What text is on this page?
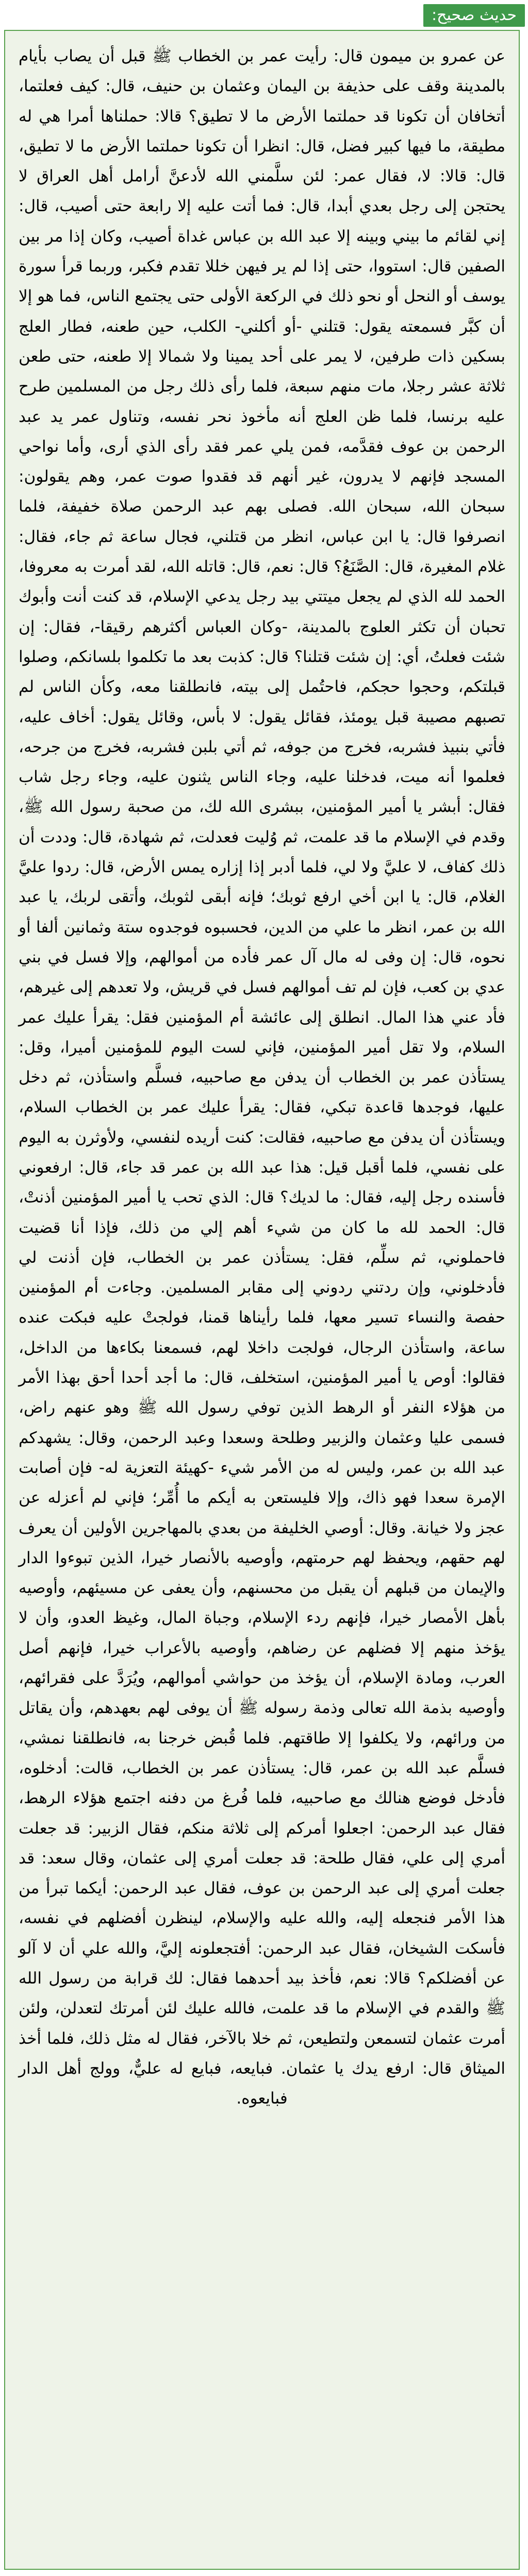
حديث صحيح:

عن عمرو بن ميمون قال: رأيت عمر بن الخطاب ﷺ قبل أن يصاب بأيام بالمدينة وقف على حذيفة بن اليمان وعثمان بن حنيف، قال: كيف فعلتما، أتخافان أن تكونا قد حملتما الأرض ما لا تطيق؟ قالا: حملناها أمرا هي له مطيقة، ما فيها كبير فضل، قال: انظرا أن تكونا حملتما الأرض ما لا تطيق، قال: قالا: لا، فقال عمر: لئن سلَّمني الله لأدعنَّ أرامل أهل العراق لا يحتجن إلى رجل بعدي أبدا، قال: فما أتت عليه إلا رابعة حتى أصيب، قال: إني لقائم ما بيني وبينه إلا عبد الله بن عباس غداة أصيب، وكان إذا مر بين الصفين قال: استووا، حتى إذا لم ير فيهن خللا تقدم فكبر، وربما قرأ سورة يوسف أو النحل أو نحو ذلك في الركعة الأولى حتى يجتمع الناس، فما هو إلا أن كبَّر فسمعته يقول: قتلني -أو أكلني- الكلب، حين طعنه، فطار العلج بسكين ذات طرفين، لا يمر على أحد يمينا ولا شمالا إلا طعنه، حتى طعن ثلاثة عشر رجلا، مات منهم سبعة، فلما رأى ذلك رجل من المسلمين طرح عليه برنسا، فلما ظن العلج أنه مأخوذ نحر نفسه، وتناول عمر يد عبد الرحمن بن عوف فقدَّمه، فمن يلي عمر فقد رأى الذي أرى، وأما نواحي المسجد فإنهم لا يدرون، غير أنهم قد فقدوا صوت عمر، وهم يقولون: سبحان الله، سبحان الله. فصلى بهم عبد الرحمن صلاة خفيفة، فلما انصرفوا قال: يا ابن عباس، انظر من قتلني، فجال ساعة ثم جاء، فقال: غلام المغيرة، قال: الصَّنَعُ؟ قال: نعم، قال: قاتله الله، لقد أمرت به معروفا، الحمد لله الذي لم يجعل ميتتي بيد رجل يدعي الإسلام، قد كنت أنت وأبوك تحبان أن تكثر العلوج بالمدينة، -وكان العباس أكثرهم رقيقا-، فقال: إن شئت فعلتُ، أي: إن شئت قتلنا؟ قال: كذبت بعد ما تكلموا بلسانكم، وصلوا قبلتكم، وحجوا حجكم، فاحتُمل إلى بيته، فانطلقنا معه، وكأن الناس لم تصبهم مصيبة قبل يومئذ، فقائل يقول: لا بأس، وقائل يقول: أخاف عليه، فأتي بنبيذ فشربه، فخرج من جوفه، ثم أتي بلبن فشربه، فخرج من جرحه، فعلموا أنه ميت، فدخلنا عليه، وجاء الناس يثنون عليه، وجاء رجل شاب فقال: أبشر يا أمير المؤمنين، ببشرى الله لك، من صحبة رسول الله ﷺ، وقدم في الإسلام ما قد علمت، ثم وُليت فعدلت، ثم شهادة، قال: وددت أن ذلك كفاف، لا عليَّ ولا لي، فلما أدبر إذا إزاره يمس الأرض، قال: ردوا عليَّ الغلام، قال: يا ابن أخي ارفع ثوبك؛ فإنه أبقى لثوبك، وأتقى لربك، يا عبد الله بن عمر، انظر ما علي من الدين، فحسبوه فوجدوه ستة وثمانين ألفا أو نحوه، قال: إن وفى له مال آل عمر فأده من أموالهم، وإلا فسل في بني عدي بن كعب، فإن لم تف أموالهم فسل في قريش، ولا تعدهم إلى غيرهم، فأد عني هذا المال. انطلق إلى عائشة أم المؤمنين فقل: يقرأ عليك عمر السلام، ولا تقل أمير المؤمنين، فإني لست اليوم للمؤمنين أميرا، وقل: يستأذن عمر بن الخطاب أن يدفن مع صاحبيه، فسلَّم واستأذن، ثم دخل عليها، فوجدها قاعدة تبكي، فقال: يقرأ عليك عمر بن الخطاب السلام، ويستأذن أن يدفن مع صاحبيه، فقالت: كنت أريده لنفسي، ولأوثرن به اليوم على نفسي، فلما أقبل قيل: هذا عبد الله بن عمر قد جاء، قال: ارفعوني فأسنده رجل إليه، فقال: ما لديك؟ قال: الذي تحب يا أمير المؤمنين أذنتْ، قال: الحمد لله ما كان من شيء أهم إلي من ذلك، فإذا أنا قضيت فاحملوني، ثم سلِّم، فقل: يستأذن عمر بن الخطاب، فإن أذنت لي فأدخلوني، وإن ردتني ردوني إلى مقابر المسلمين. وجاءت أم المؤمنين حفصة والنساء تسير معها، فلما رأيناها قمنا، فولجتْ عليه فبكت عنده ساعة، واستأذن الرجال، فولجت داخلا لهم، فسمعنا بكاءها من الداخل، فقالوا: أوص يا أمير المؤمنين، استخلف، قال: ما أجد أحدا أحق بهذا الأمر من هؤلاء النفر أو الرهط الذين توفي رسول الله ﷺ وهو عنهم راض، فسمى عليا وعثمان والزبير وطلحة وسعدا وعبد الرحمن، وقال: يشهدكم عبد الله بن عمر، وليس له من الأمر شيء -كهيئة التعزية له- فإن أصابت الإمرة سعدا فهو ذاك، وإلا فليستعن به أيكم ما أُمِّر؛ فإني لم أعزله عن عجز ولا خيانة. وقال: أوصي الخليفة من بعدي بالمهاجرين الأولين أن يعرف لهم حقهم، ويحفظ لهم حرمتهم، وأوصيه بالأنصار خيرا، الذين تبوءوا الدار والإيمان من قبلهم أن يقبل من محسنهم، وأن يعفى عن مسيئهم، وأوصيه بأهل الأمصار خيرا، فإنهم ردء الإسلام، وجباة المال، وغيظ العدو، وأن لا يؤخذ منهم إلا فضلهم عن رضاهم، وأوصيه بالأعراب خيرا، فإنهم أصل العرب، ومادة الإسلام، أن يؤخذ من حواشي أموالهم، ويُرَدَّ على فقرائهم، وأوصيه بذمة الله تعالى وذمة رسوله ﷺ أن يوفى لهم بعهدهم، وأن يقاتل من ورائهم، ولا يكلفوا إلا طاقتهم. فلما قُبض خرجنا به، فانطلقنا نمشي، فسلَّم عبد الله بن عمر، قال: يستأذن عمر بن الخطاب، قالت: أدخلوه، فأدخل فوضع هنالك مع صاحبيه، فلما فُرغ من دفنه اجتمع هؤلاء الرهط، فقال عبد الرحمن: اجعلوا أمركم إلى ثلاثة منكم، فقال الزبير: قد جعلت أمري إلى علي، فقال طلحة: قد جعلت أمري إلى عثمان، وقال سعد: قد جعلت أمري إلى عبد الرحمن بن عوف، فقال عبد الرحمن: أيكما تبرأ من هذا الأمر فنجعله إليه، والله عليه والإسلام، لينظرن أفضلهم في نفسه، فأسكت الشيخان، فقال عبد الرحمن: أفتجعلونه إليَّ، والله علي أن لا آلو عن أفضلكم؟ قالا: نعم، فأخذ بيد أحدهما فقال: لك قرابة من رسول الله ﷺ والقدم في الإسلام ما قد علمت، فالله عليك لئن أمرتك لتعدلن، ولئن أمرت عثمان لتسمعن ولتطيعن، ثم خلا بالآخر، فقال له مثل ذلك، فلما أخذ الميثاق قال: ارفع يدك يا عثمان. فبايعه، فبايع له عليٌّ، وولج أهل الدار فبايعوه.
